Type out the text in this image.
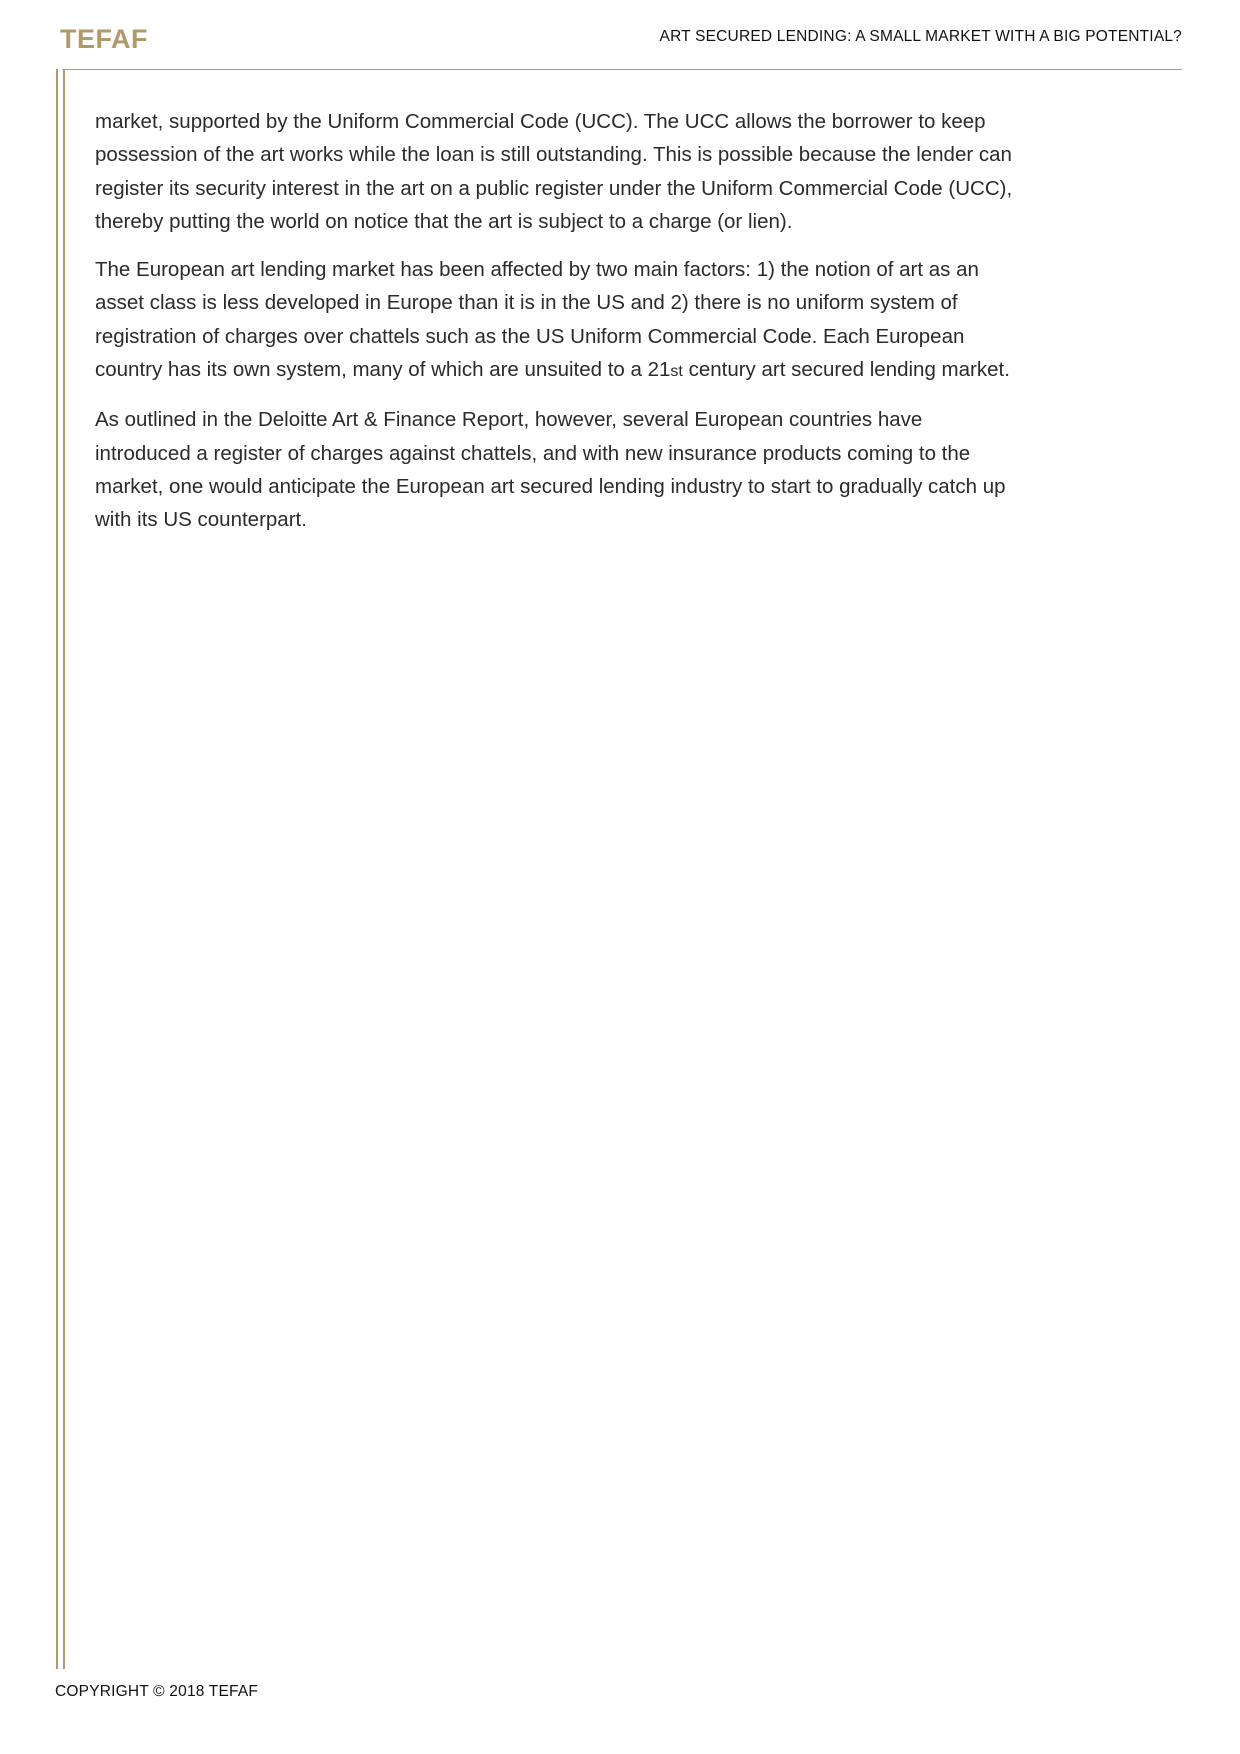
TEFAF	ART SECURED LENDING: A SMALL MARKET WITH A BIG POTENTIAL?

market, supported by the Uniform Commercial Code (UCC). The UCC allows the borrower to keep possession of the art works while the loan is still outstanding. This is possible because the lender can register its security interest in the art on a public register under the Uniform Commercial Code (UCC), thereby putting the world on notice that the art is subject to a charge (or lien).

The European art lending market has been affected by two main factors: 1) the notion of art as an asset class is less developed in Europe than it is in the US and 2) there is no uniform system of registration of charges over chattels such as the US Uniform Commercial Code. Each European country has its own system, many of which are unsuited to a 21st century art secured lending market.

As outlined in the Deloitte Art & Finance Report, however, several European countries have introduced a register of charges against chattels, and with new insurance products coming to the market, one would anticipate the European art secured lending industry to start to gradually catch up with its US counterpart.

COPYRIGHT © 2018 TEFAF
